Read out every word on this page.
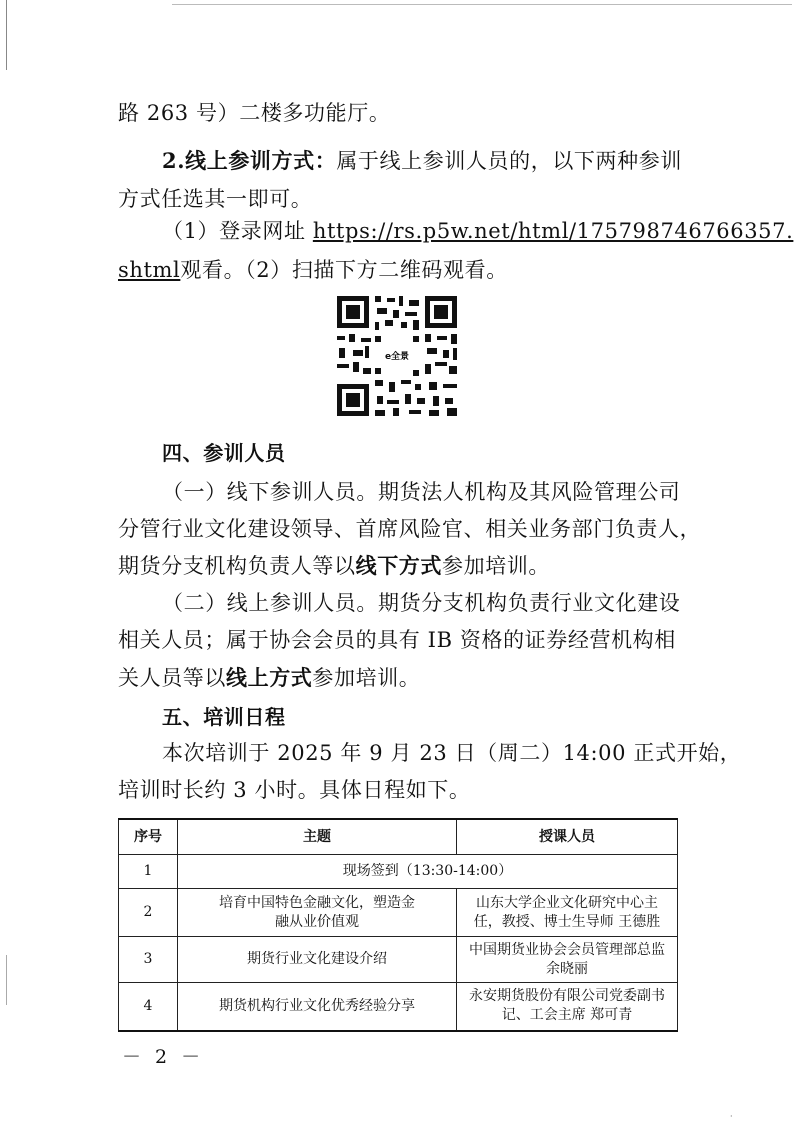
路 263 号）二楼多功能厅。
2.线上参训方式：属于线上参训人员的，以下两种参训
方式任选其一即可。
（1）登录网址 https://rs.p5w.net/html/175798746766357.
shtml观看。（2）扫描下方二维码观看。
e全景
四、参训人员
（一）线下参训人员。期货法人机构及其风险管理公司
分管行业文化建设领导、首席风险官、相关业务部门负责人，
期货分支机构负责人等以线下方式参加培训。
（二）线上参训人员。期货分支机构负责行业文化建设
相关人员；属于协会会员的具有 IB 资格的证券经营机构相
关人员等以线上方式参加培训。
五、培训日程
本次培训于 2025 年 9 月 23 日（周二）14:00 正式开始，
培训时长约 3 小时。具体日程如下。
序号	主题	授课人员
1	现场签到（13:30-14:00）	
2	培育中国特色金融文化，塑造金
融从业价值观	山东大学企业文化研究中心主
任，教授、博士生导师 王德胜
3	期货行业文化建设介绍	中国期货业协会会员管理部总监
余晓丽
4	期货机构行业文化优秀经验分享	永安期货股份有限公司党委副书
记、工会主席 郑可青
－ 2 －
·
